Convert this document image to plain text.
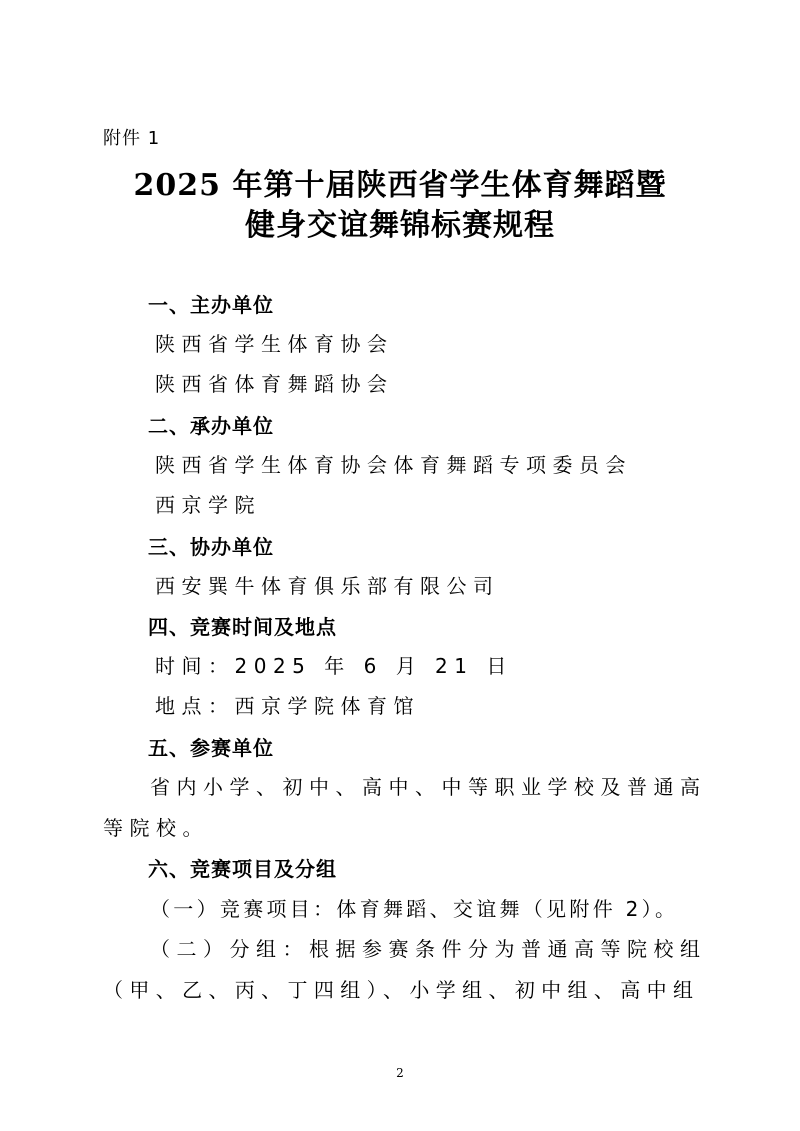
附件 1
2025 年第十届陕西省学生体育舞蹈暨
健身交谊舞锦标赛规程
一、主办单位
陕西省学生体育协会
陕西省体育舞蹈协会
二、承办单位
陕西省学生体育协会体育舞蹈专项委员会
西京学院
三、协办单位
西安巽牛体育俱乐部有限公司
四、竞赛时间及地点
时间：2025 年 6 月 21 日
地点：西京学院体育馆
五、参赛单位
省内小学、初中、高中、中等职业学校及普通高
等院校。
六、竞赛项目及分组
（一）竞赛项目：体育舞蹈、交谊舞（见附件 2）。
（二）分组：根据参赛条件分为普通高等院校组
（甲、乙、丙、丁四组）、小学组、初中组、高中组
2
